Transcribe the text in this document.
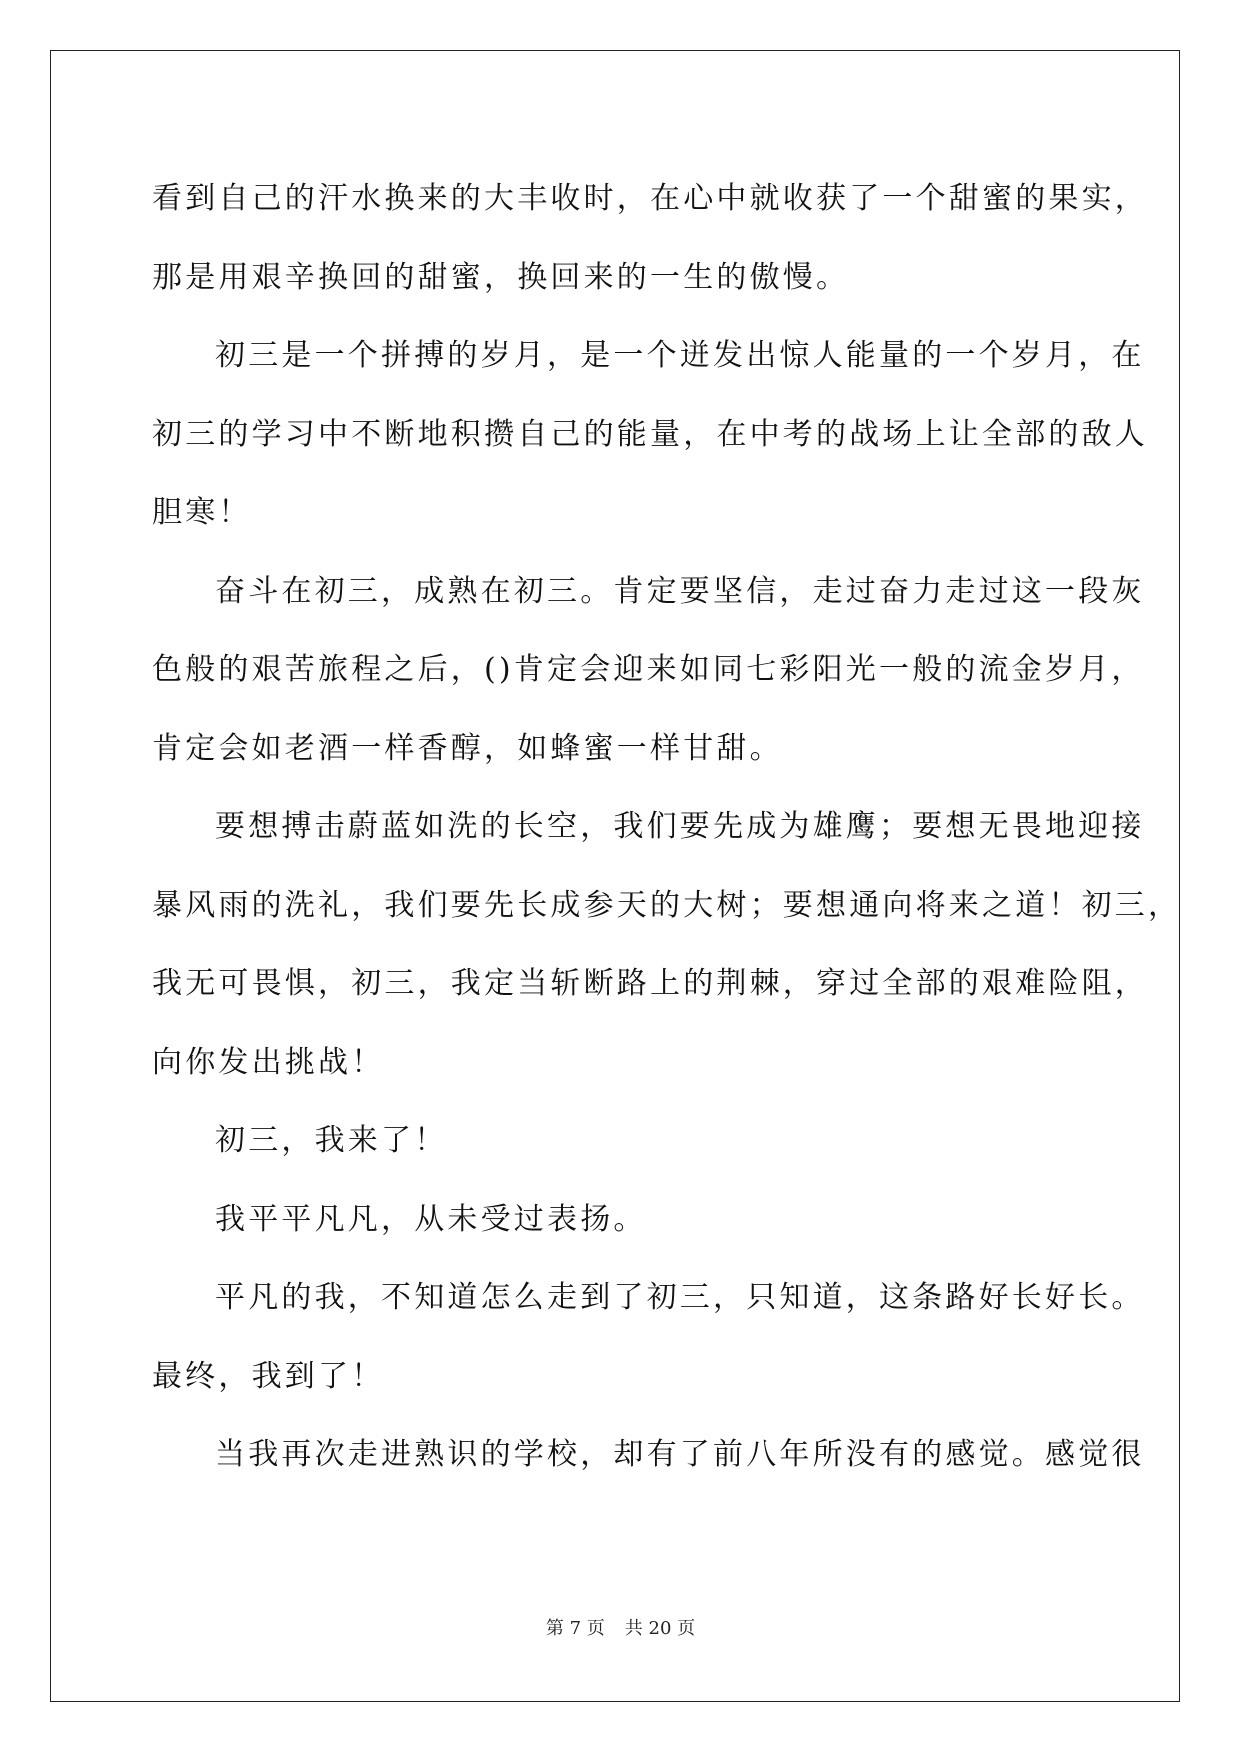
看到自己的汗水换来的大丰收时，在心中就收获了一个甜蜜的果实，
那是用艰辛换回的甜蜜，换回来的一生的傲慢。
初三是一个拼搏的岁月，是一个迸发出惊人能量的一个岁月，在
初三的学习中不断地积攒自己的能量，在中考的战场上让全部的敌人
胆寒！
奋斗在初三，成熟在初三。肯定要坚信，走过奋力走过这一段灰
色般的艰苦旅程之后，()肯定会迎来如同七彩阳光一般的流金岁月，
肯定会如老酒一样香醇，如蜂蜜一样甘甜。
要想搏击蔚蓝如洗的长空，我们要先成为雄鹰；要想无畏地迎接
暴风雨的洗礼，我们要先长成参天的大树；要想通向将来之道！初三，
我无可畏惧，初三，我定当斩断路上的荆棘，穿过全部的艰难险阻，
向你发出挑战！
初三，我来了！
我平平凡凡，从未受过表扬。
平凡的我，不知道怎么走到了初三，只知道，这条路好长好长。
最终，我到了！
当我再次走进熟识的学校，却有了前八年所没有的感觉。感觉很
第 7 页 共 20 页
